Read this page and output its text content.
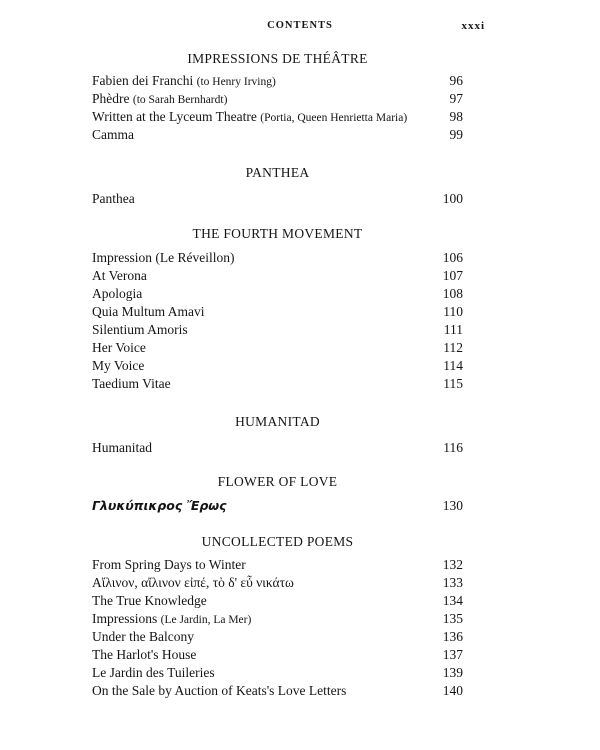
CONTENTS	xxxi
IMPRESSIONS DE THÉÂTRE
Fabien dei Franchi (to Henry Irving)	96
Phèdre (to Sarah Bernhardt)	97
Written at the Lyceum Theatre (Portia, Queen Henrietta Maria)	98
Camma	99
PANTHEA
Panthea	100
THE FOURTH MOVEMENT
Impression (Le Réveillon)	106
At Verona	107
Apologia	108
Quia Multum Amavi	110
Silentium Amoris	111
Her Voice	112
My Voice	114
Taedium Vitae	115
HUMANITAD
Humanitad	116
FLOWER OF LOVE
Γλυκύπικρος Ἔρως	130
UNCOLLECTED POEMS
From Spring Days to Winter	132
Αἴλινον, αἴλινον εἰπέ, τὸ δ' εὖ νικάτω	133
The True Knowledge	134
Impressions (Le Jardin, La Mer)	135
Under the Balcony	136
The Harlot's House	137
Le Jardin des Tuileries	139
On the Sale by Auction of Keats's Love Letters	140
